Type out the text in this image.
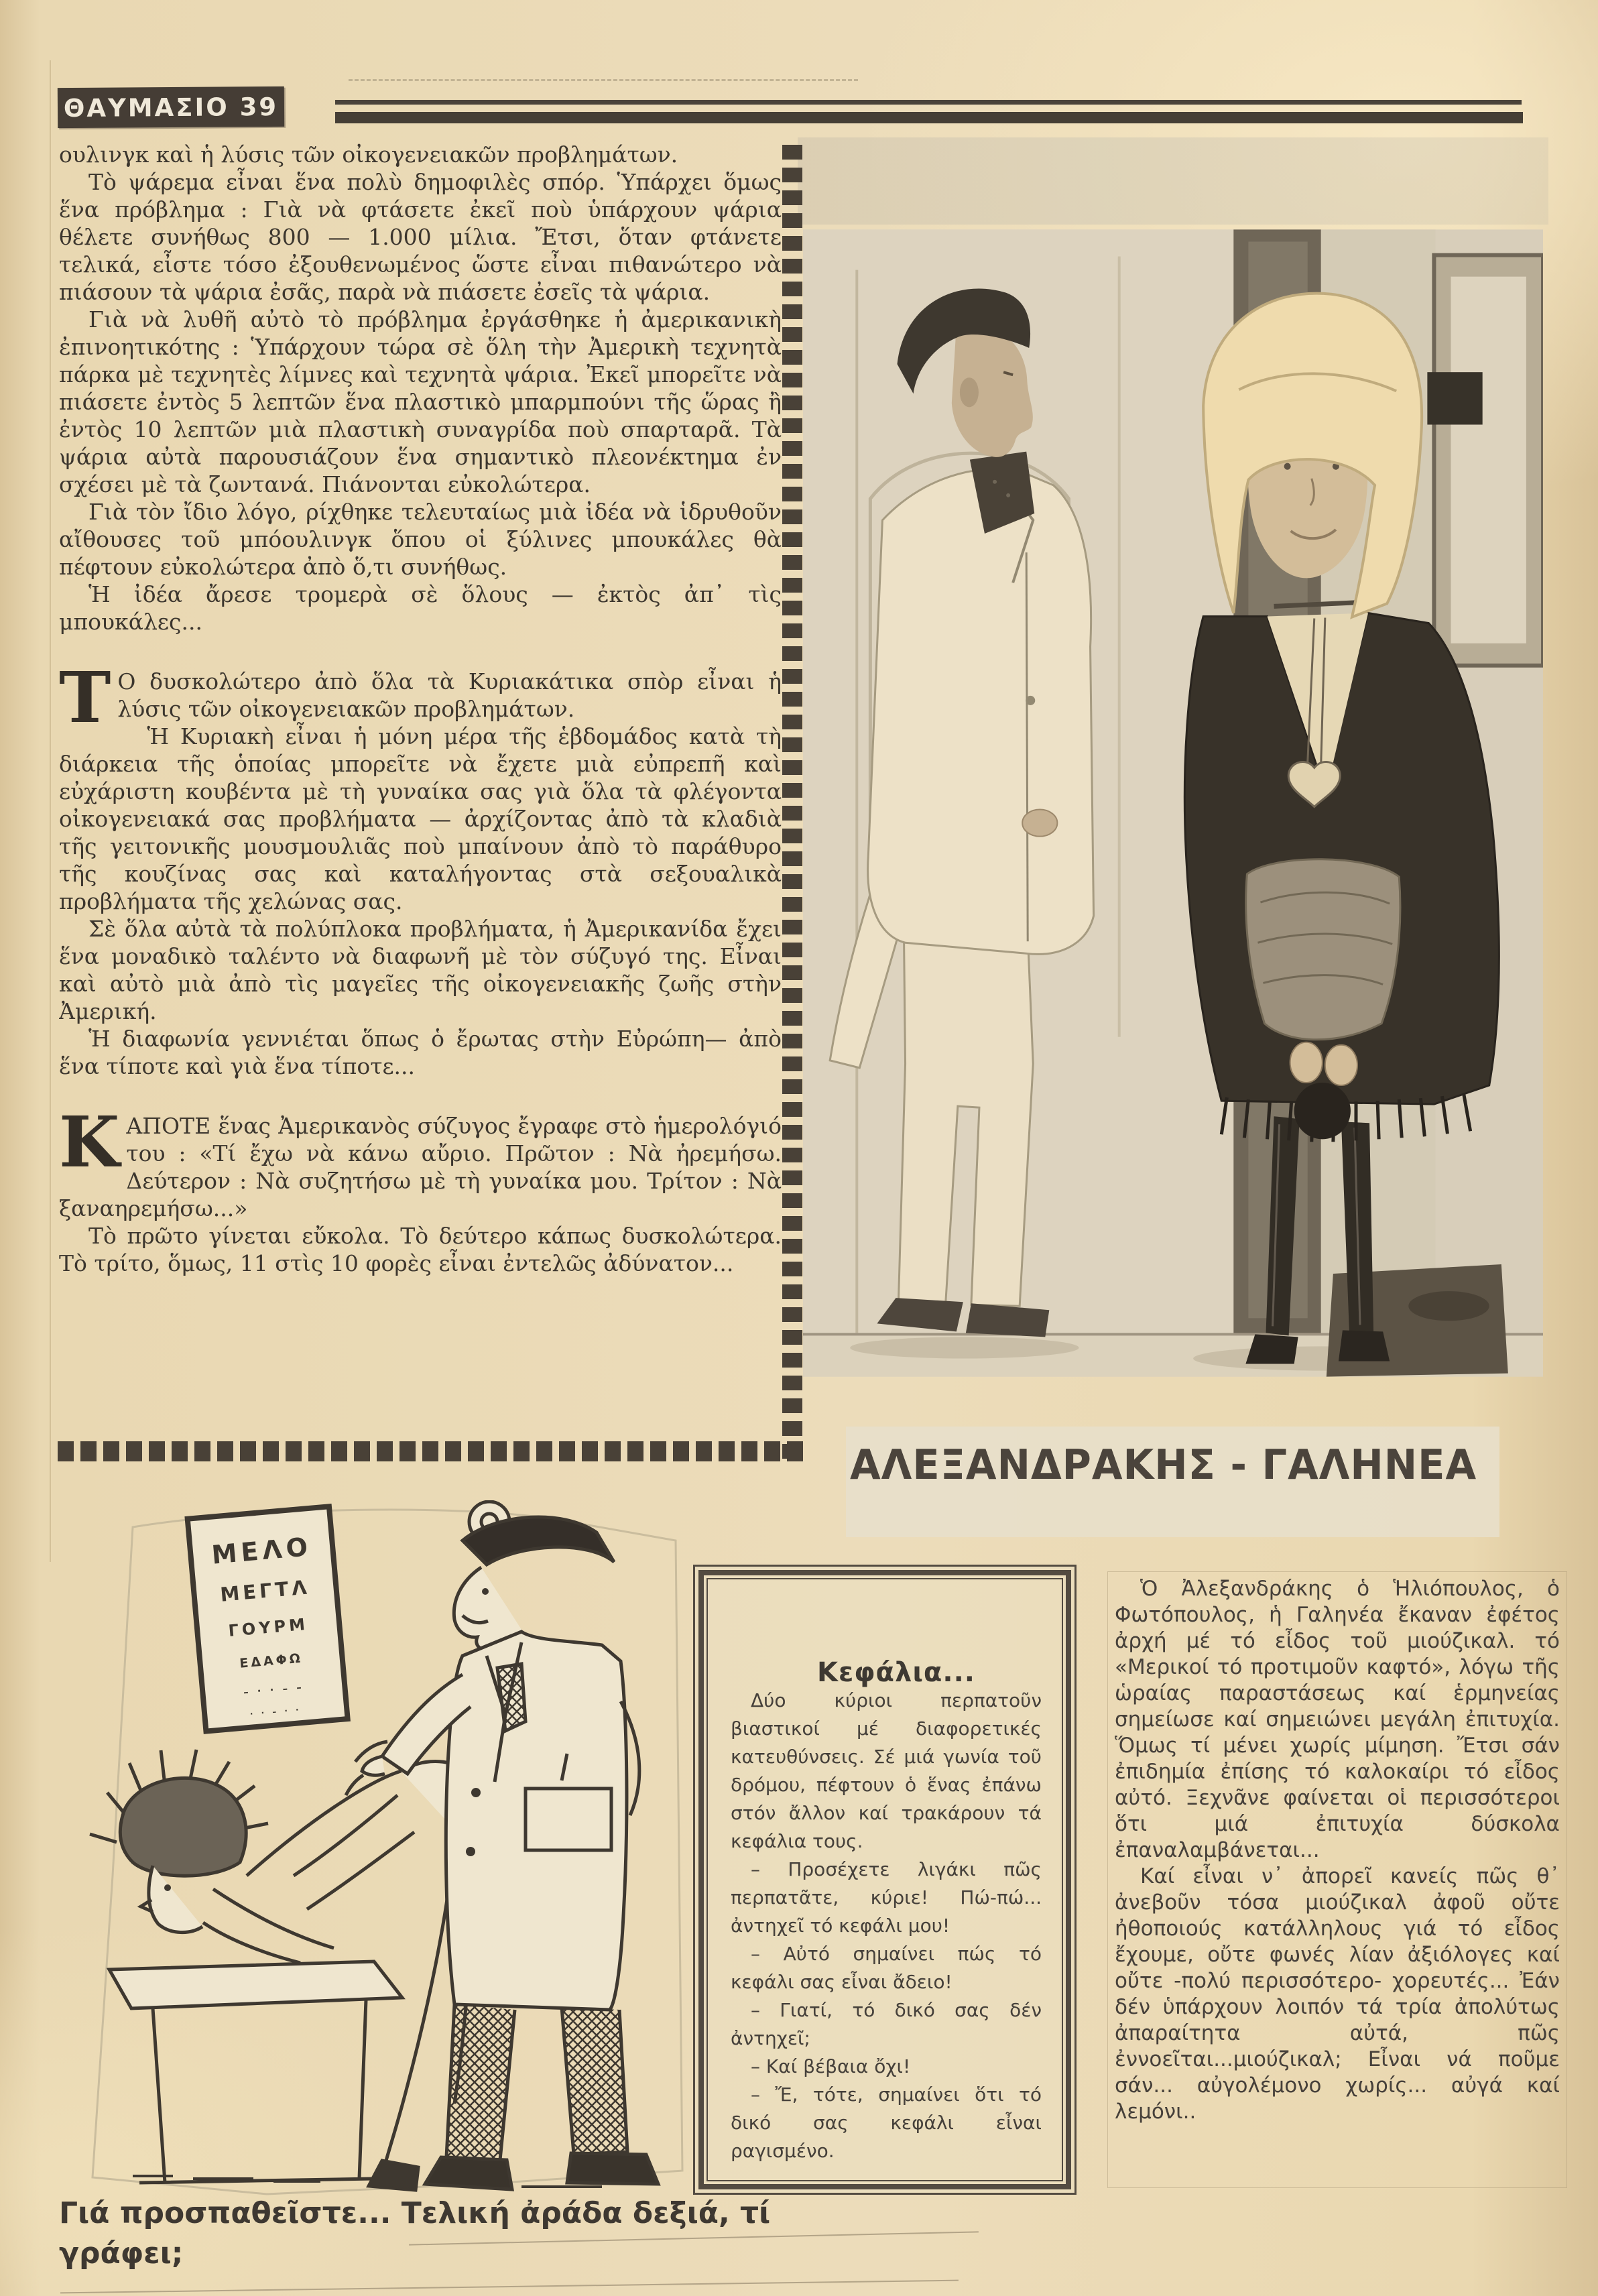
ΘΑΥΜΑΣΙΟ 39

ουλινγκ καὶ ἡ λύσις τῶν οἰκογενειακῶν προβλημάτων.

Τὸ ψάρεμα εἶναι ἕνα πολὺ δημοφιλὲς σπόρ. Ὑπάρχει ὅμως ἕνα πρόβλημα : Γιὰ νὰ φτάσετε ἐκεῖ ποὺ ὑπάρχουν ψάρια θέλετε συνήθως 800 — 1.000 μίλια. Ἔτσι, ὅταν φτάνετε τελικά, εἶστε τόσο ἐξουθενωμένος ὥστε εἶναι πιθανώτερο νὰ πιάσουν τὰ ψάρια ἐσᾶς, παρὰ νὰ πιάσετε ἐσεῖς τὰ ψάρια.

Γιὰ νὰ λυθῆ αὐτὸ τὸ πρόβλημα ἐργάσθηκε ἡ ἀμερικανικὴ ἐπινοητικότης : Ὑπάρχουν τώρα σὲ ὅλη τὴν Ἀμερικὴ τεχνητὰ πάρκα μὲ τεχνητὲς λίμνες καὶ τεχνητὰ ψάρια. Ἐκεῖ μπορεῖτε νὰ πιάσετε ἐντὸς 5 λεπτῶν ἕνα πλαστικὸ μπαρμπούνι τῆς ὥρας ἢ ἐντὸς 10 λεπτῶν μιὰ πλαστικὴ συναγρίδα ποὺ σπαρταρᾶ. Τὰ ψάρια αὐτὰ παρουσιάζουν ἕνα σημαντικὸ πλεονέκτημα ἐν σχέσει μὲ τὰ ζωντανά. Πιάνονται εὐκολώτερα.

Γιὰ τὸν ἴδιο λόγο, ρίχθηκε τελευταίως μιὰ ἰδέα νὰ ἱδρυθοῦν αἴθουσες τοῦ μπόουλινγκ ὅπου οἱ ξύλινες μπουκάλες θὰ πέφτουν εὐκολώτερα ἀπὸ ὅ,τι συνήθως.

Ἡ ἰδέα ἄρεσε τρομερὰ σὲ ὅλους — ἐκτὸς ἀπ᾽ τὶς μπουκάλες...

Τ Ο δυσκολώτερο ἀπὸ ὅλα τὰ Κυριακάτικα σπὸρ εἶναι ἡ λύσις τῶν οἰκογενειακῶν προβλημάτων.

Ἡ Κυριακὴ εἶναι ἡ μόνη μέρα τῆς ἑβδομάδος κατὰ τὴ διάρκεια τῆς ὁποίας μπορεῖτε νὰ ἔχετε μιὰ εὐπρεπῆ καὶ εὐχάριστη κουβέντα μὲ τὴ γυναίκα σας γιὰ ὅλα τὰ φλέγοντα οἰκογενειακά σας προβλήματα — ἀρχίζοντας ἀπὸ τὰ κλαδιὰ τῆς γειτονικῆς μουσμουλιᾶς ποὺ μπαίνουν ἀπὸ τὸ παράθυρο τῆς κουζίνας σας καὶ καταλήγοντας στὰ σεξουαλικὰ προβλήματα τῆς χελώνας σας.

Σὲ ὅλα αὐτὰ τὰ πολύπλοκα προβλήματα, ἡ Ἀμερικανίδα ἔχει ἕνα μοναδικὸ ταλέντο νὰ διαφωνῆ μὲ τὸν σύζυγό της. Εἶναι καὶ αὐτὸ μιὰ ἀπὸ τὶς μαγεῖες τῆς οἰκογενειακῆς ζωῆς στὴν Ἀμερική.

Ἡ διαφωνία γεννιέται ὅπως ὁ ἔρωτας στὴν Εὐρώπη— ἀπὸ ἕνα τίποτε καὶ γιὰ ἕνα τίποτε...

ΚΑΠΟΤΕ ἕνας Ἀμερικανὸς σύζυγος ἔγραφε στὸ ἡμερολόγιό του : «Τί ἔχω νὰ κάνω αὔριο. Πρῶτον : Νὰ ἠρεμήσω. Δεύτερον : Νὰ συζητήσω μὲ τὴ γυναίκα μου. Τρίτον : Νὰ ξαναηρεμήσω...»

Τὸ πρῶτο γίνεται εὔκολα. Τὸ δεύτερο κάπως δυσκολώτερα. Τὸ τρίτο, ὅμως, 11 στὶς 10 φορὲς εἶναι ἐντελῶς ἀδύνατον...

ΑΛΕΞΑΝΔΡΑΚΗΣ - ΓΑΛΗΝΕΑ
ΜΕΛΟ
ΜΕΓΤΛ
ΓΟΥΡΜ
ΕΔΑΦΩ
– · · – –
· · – · ·
Γιά προσπαθεῖστε... Τελική ἀράδα δεξιά, τί
γράφει;

Κεφάλια...

Δύο κύριοι περπατοῦν βιαστικοί μέ διαφορετικές κατευθύνσεις. Σέ μιά γωνία τοῦ δρόμου, πέφτουν ὁ ἕνας ἐπάνω στόν ἄλλον καί τρακάρουν τά κεφάλια τους.

– Προσέχετε λιγάκι πῶς περπατᾶτε, κύριε! Πώ-πώ... ἀντηχεῖ τό κεφάλι μου!

– Αὐτό σημαίνει πώς τό κεφάλι σας εἶναι ἄδειο!

– Γιατί, τό δικό σας δέν ἀντηχεῖ;

– Καί βέβαια ὄχι!

– Ἔ, τότε, σημαίνει ὅτι τό δικό σας κεφάλι εἶναι ραγισμένο.

Ὁ Ἀλεξανδράκης ὁ Ἡλιόπουλος, ὁ Φωτόπουλος, ἡ Γαληνέα ἔκαναν ἐφέτος ἀρχή μέ τό εἶδος τοῦ μιούζικαλ. τό «Μερικοί τό προτιμοῦν καφτό», λόγω τῆς ὡραίας παραστάσεως καί ἑρμηνείας σημείωσε καί σημειώνει μεγάλη ἐπιτυχία. Ὅμως τί μένει χωρίς μίμηση. Ἔτσι σάν ἐπιδημία ἐπίσης τό καλοκαίρι τό εἶδος αὐτό. Ξεχνᾶνε φαίνεται οἱ περισσότεροι ὅτι μιά ἐπιτυχία δύσκολα ἐπαναλαμβάνεται...

Καί εἶναι ν᾽ ἀπορεῖ κανείς πῶς θ᾽ ἀνεβοῦν τόσα μιούζικαλ ἀφοῦ οὔτε ἠθοποιούς κατάλληλους γιά τό εἶδος ἔχουμε, οὔτε φωνές λίαν ἀξιόλογες καί οὔτε -πολύ περισσότερο- χορευτές... Ἐάν δέν ὑπάρχουν λοιπόν τά τρία ἀπολύτως ἀπαραίτητα αὐτά, πῶς ἐννοεῖται...μιούζικαλ; Εἶναι νά ποῦμε σάν... αὐγολέμονο χωρίς... αὐγά καί λεμόνι..
